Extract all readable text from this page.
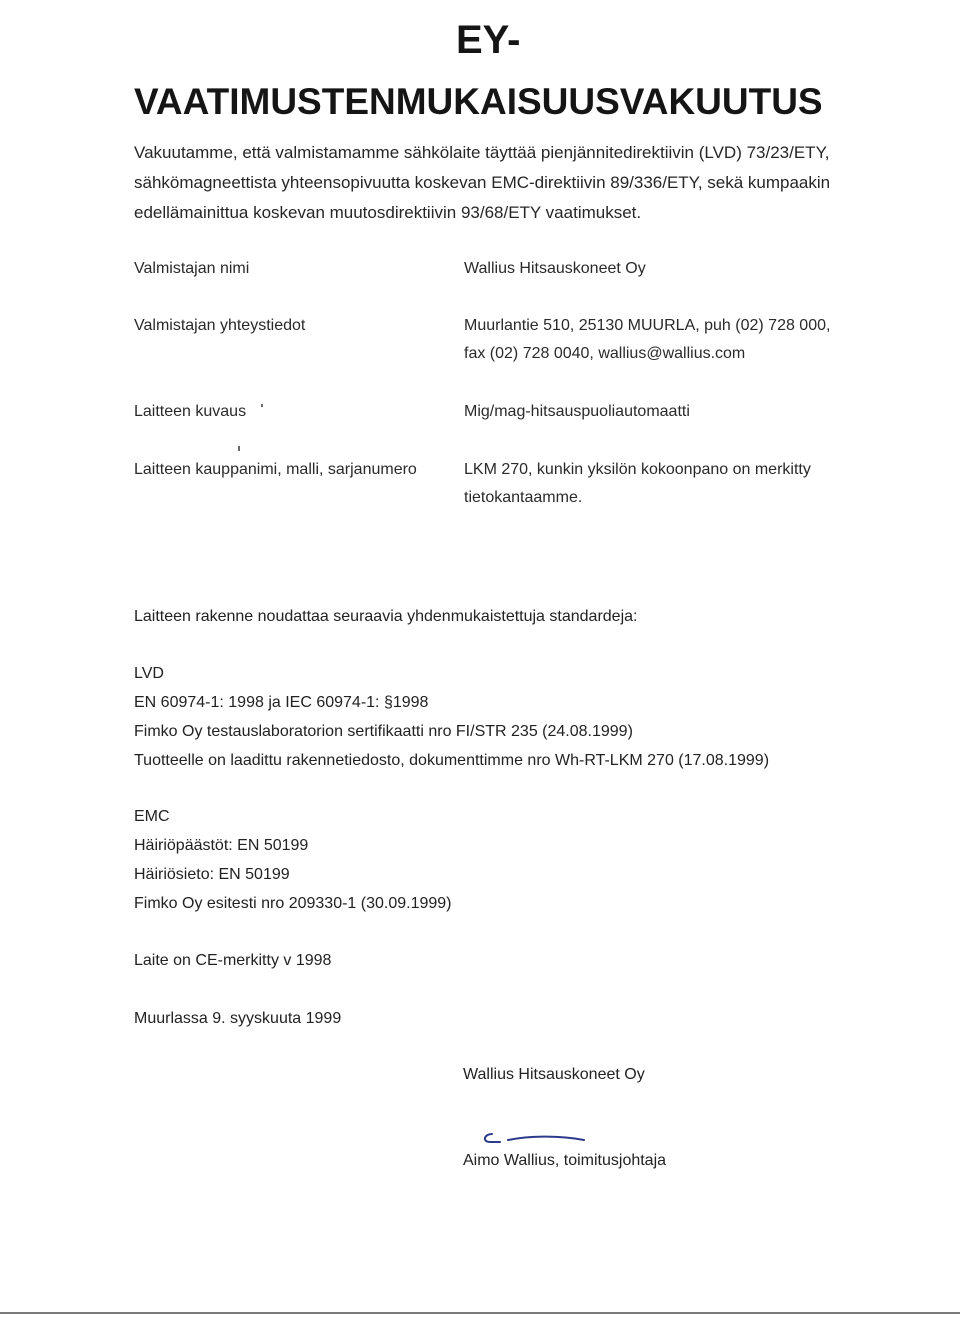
EY-
VAATIMUSTENMUKAISUUSVAKUUTUS
Vakuutamme, että valmistamamme sähkölaite täyttää pienjännitedirektiivin (LVD) 73/23/ETY,
sähkömagneettista yhteensopivuutta koskevan EMC-direktiivin 89/336/ETY, sekä kumpaakin
edellämainittua koskevan muutosdirektiivin 93/68/ETY vaatimukset.
Valmistajan nimi	Wallius Hitsauskoneet Oy
Valmistajan yhteystiedot	Muurlantie 510, 25130 MUURLA, puh (02) 728 000,
fax (02) 728 0040, wallius@wallius.com
Laitteen kuvaus	Mig/mag-hitsauspuoliautomaatti
Laitteen kauppanimi, malli, sarjanumero	LKM 270, kunkin yksilön kokoonpano on merkitty
tietokantaamme.
Laitteen rakenne noudattaa seuraavia yhdenmukaistettuja standardeja:
LVD
EN 60974-1: 1998 ja IEC 60974-1: §1998
Fimko Oy testauslaboratorion sertifikaatti nro FI/STR 235 (24.08.1999)
Tuotteelle on laadittu rakennetiedosto, dokumenttimme nro Wh-RT-LKM 270 (17.08.1999)
EMC
Häiriöpäästöt: EN 50199
Häiriösieto: EN 50199
Fimko Oy esitesti nro 209330-1 (30.09.1999)
Laite on CE-merkitty v 1998
Muurlassa 9. syyskuuta 1999
Wallius Hitsauskoneet Oy
Aimo Wallius, toimitusjohtaja
